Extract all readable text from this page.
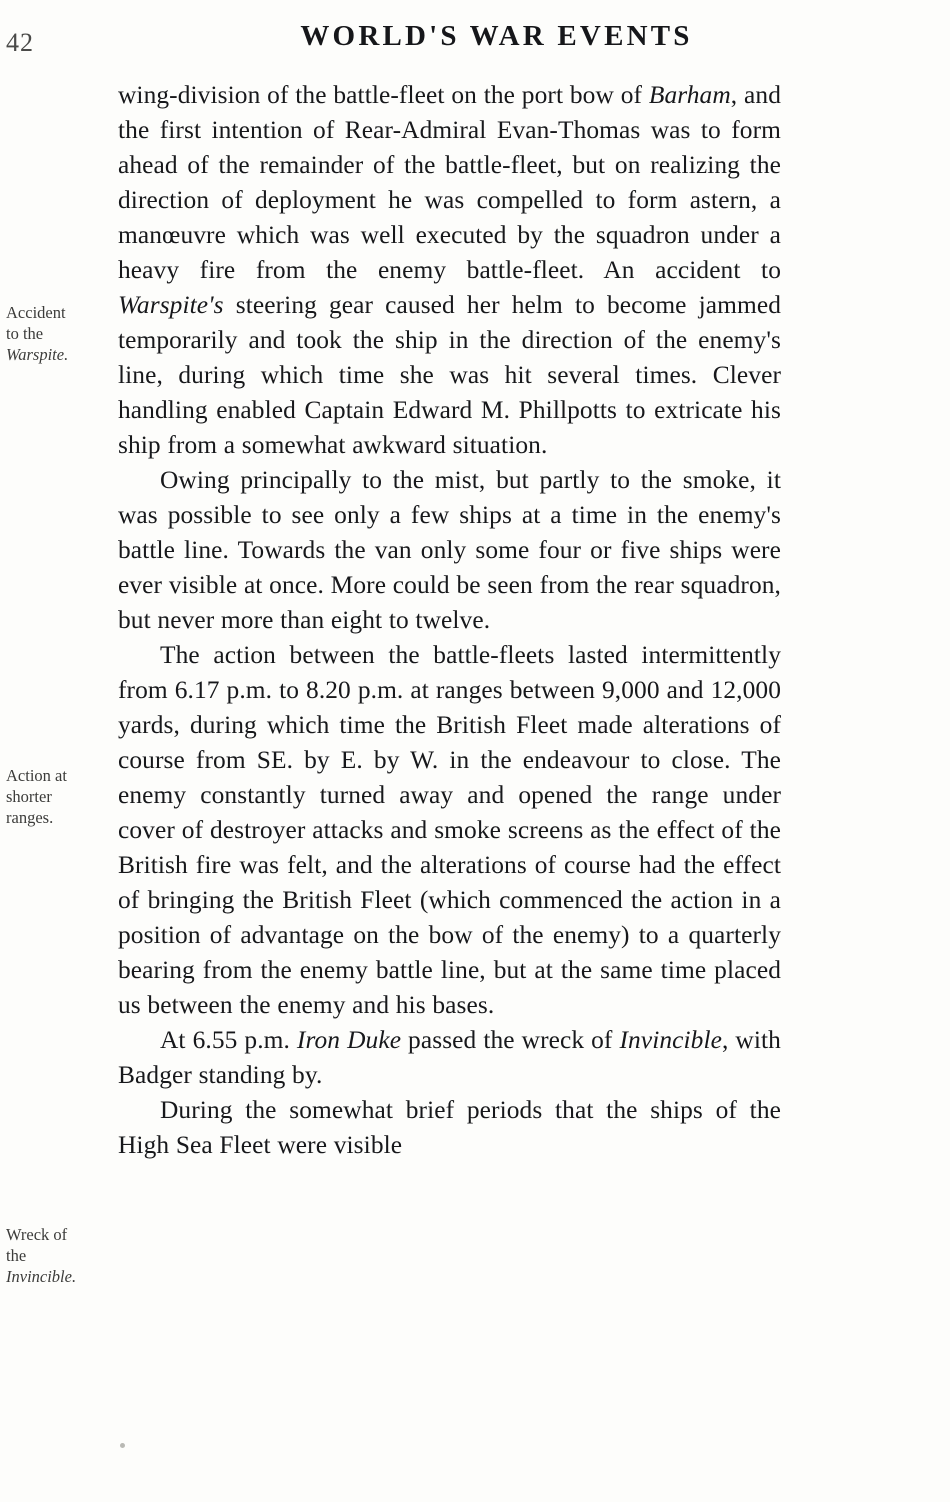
42	WORLD'S WAR EVENTS
Accident
to the
Warspite.
Action at
shorter
ranges.
Wreck of
the
Invincible.

wing-division of the battle-fleet on the port bow of Barham, and the first intention of Rear-Admiral Evan-Thomas was to form ahead of the remainder of the battle-fleet, but on realizing the direction of deployment he was compelled to form astern, a manœuvre which was well executed by the squadron under a heavy fire from the enemy battle-fleet. An accident to Warspite's steering gear caused her helm to become jammed temporarily and took the ship in the direction of the enemy's line, during which time she was hit several times. Clever handling enabled Captain Edward M. Phillpotts to extricate his ship from a somewhat awkward situation.

Owing principally to the mist, but partly to the smoke, it was possible to see only a few ships at a time in the enemy's battle line. Towards the van only some four or five ships were ever visible at once. More could be seen from the rear squadron, but never more than eight to twelve.

The action between the battle-fleets lasted intermittently from 6.17 p.m. to 8.20 p.m. at ranges between 9,000 and 12,000 yards, during which time the British Fleet made alterations of course from SE. by E. by W. in the endeavour to close. The enemy constantly turned away and opened the range under cover of destroyer attacks and smoke screens as the effect of the British fire was felt, and the alterations of course had the effect of bringing the British Fleet (which commenced the action in a position of advantage on the bow of the enemy) to a quarterly bearing from the enemy battle line, but at the same time placed us between the enemy and his bases.

At 6.55 p.m. Iron Duke passed the wreck of Invincible, with Badger standing by.

During the somewhat brief periods that the ships of the High Sea Fleet were visible
